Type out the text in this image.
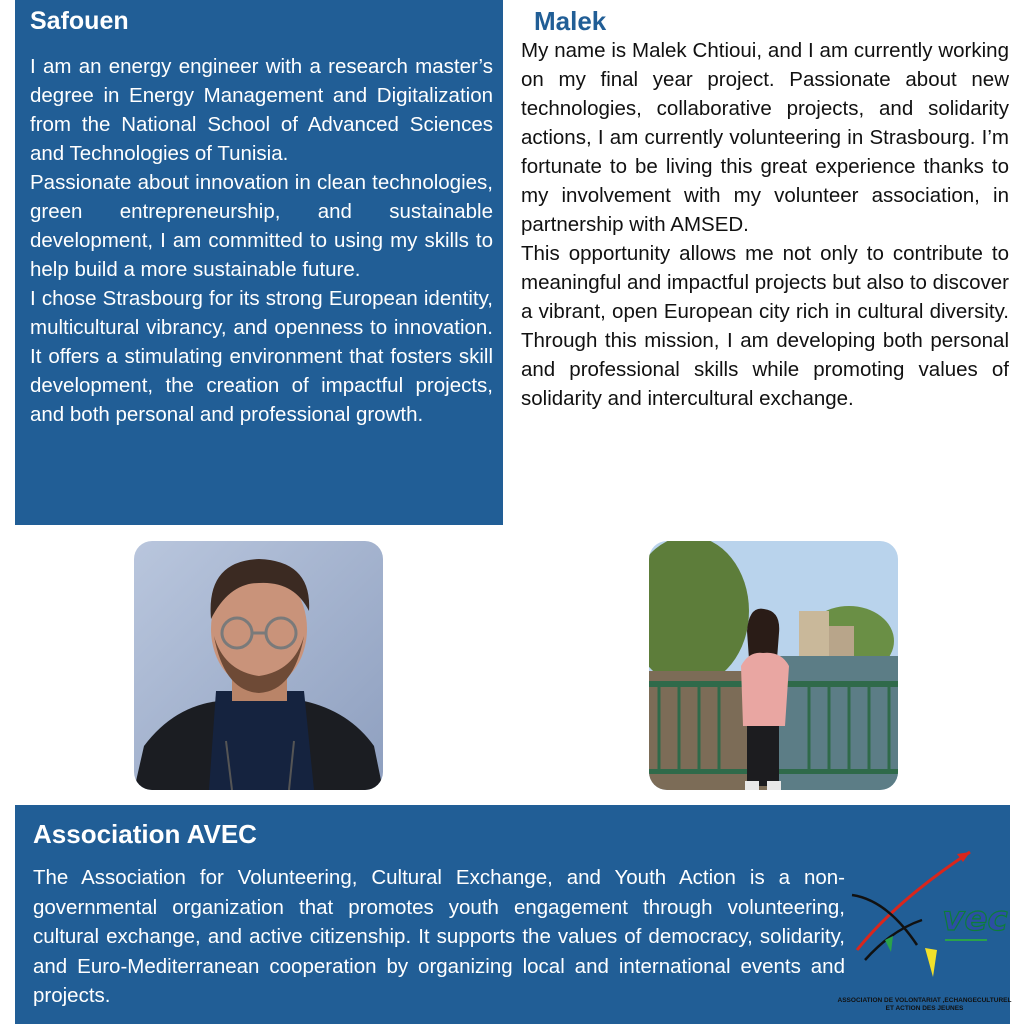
Safouen

I am an energy engineer with a research master’s degree in Energy Management and Digitalization from the National School of Advanced Sciences and Technologies of Tunisia.

Passionate about innovation in clean technologies, green entrepreneurship, and sustainable development, I am committed to using my skills to help build a more sustainable future.

I chose Strasbourg for its strong European identity, multicultural vibrancy, and openness to innovation. It offers a stimulating environment that fosters skill development, the creation of impactful projects, and both personal and professional growth.

Malek

My name is Malek Chtioui, and I am currently working on my final year project. Passionate about new technologies, collaborative projects, and solidarity actions, I am currently volunteering in Strasbourg. I’m fortunate to be living this great experience thanks to my involvement with my volunteer association, in partnership with AMSED.

This opportunity allows me not only to contribute to meaningful and impactful projects but also to discover a vibrant, open European city rich in cultural diversity. Through this mission, I am developing both personal and professional skills while promoting values of solidarity and intercultural exchange.

Association AVEC

The Association for Volunteering, Cultural Exchange, and Youth Action is a non-governmental organization that promotes youth engagement through volunteering, cultural exchange, and active citizenship. It supports the values of democracy, solidarity, and Euro-Mediterranean cooperation by organizing local and international events and projects.

vec
ASSOCIATION DE VOLONTARIAT ,ECHANGECULTUREL
ET ACTION DES JEUNES
